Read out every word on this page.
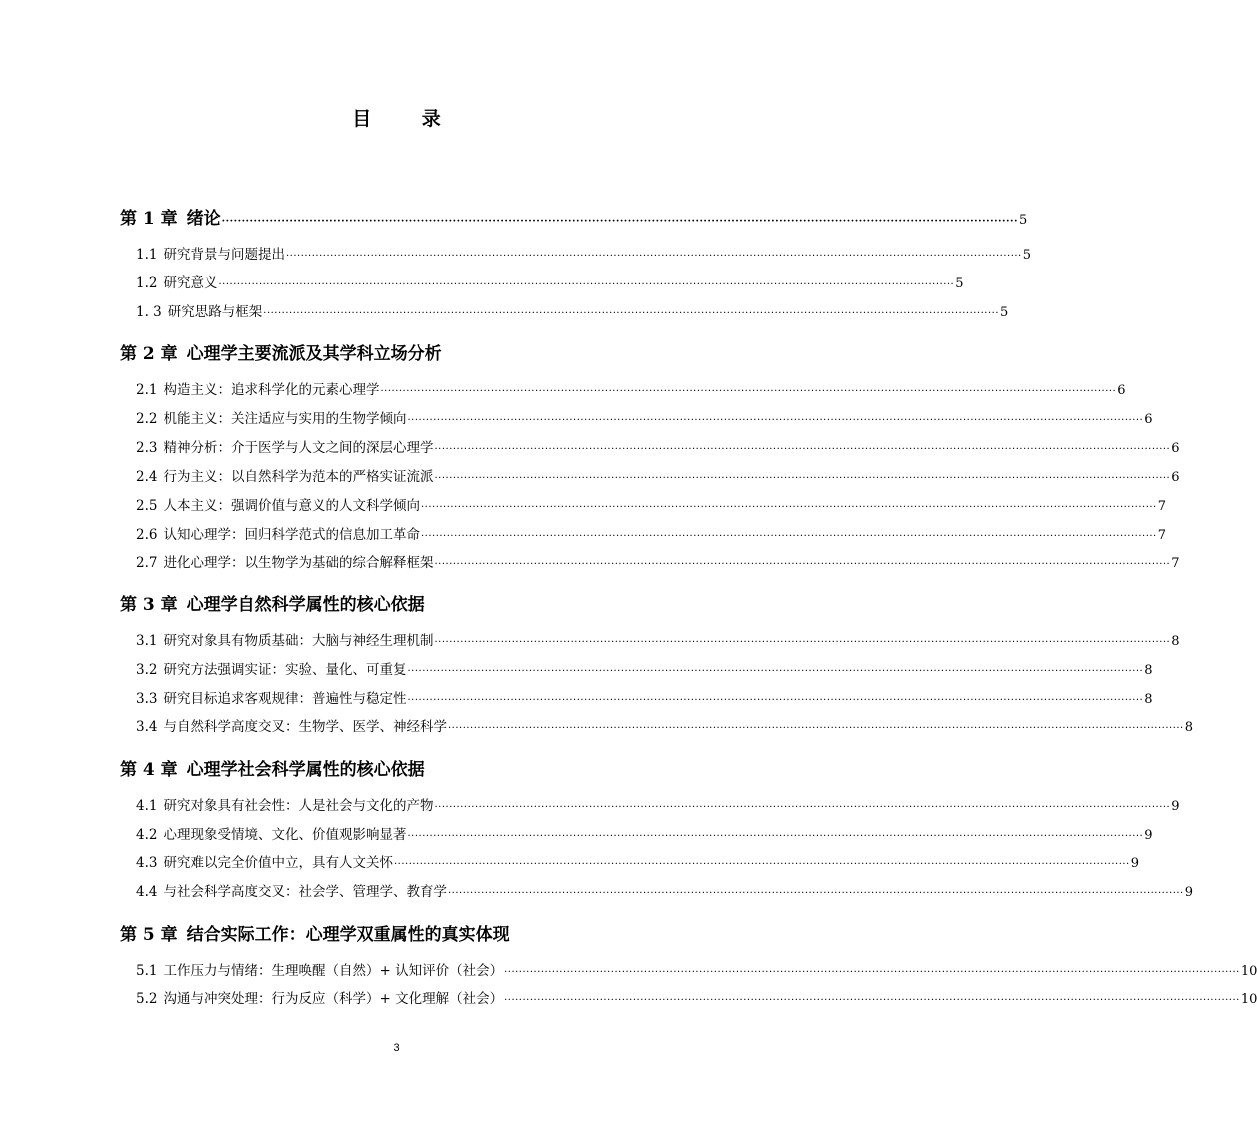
目 录
第 1 章 绪论 ········································································································································································································ 5
1.1 研究背景与问题提出 ········································································································································································································ 5
1.2 研究意义 ········································································································································································································ 5
1. 3 研究思路与框架 ········································································································································································································ 5
第 2 章 心理学主要流派及其学科立场分析
2.1 构造主义：追求科学化的元素心理学 ········································································································································································································ 6
2.2 机能主义：关注适应与实用的生物学倾向 ········································································································································································································ 6
2.3 精神分析：介于医学与人文之间的深层心理学 ········································································································································································································ 6
2.4 行为主义：以自然科学为范本的严格实证流派 ········································································································································································································ 6
2.5 人本主义：强调价值与意义的人文科学倾向 ········································································································································································································ 7
2.6 认知心理学：回归科学范式的信息加工革命 ········································································································································································································ 7
2.7 进化心理学：以生物学为基础的综合解释框架 ········································································································································································································ 7
第 3 章 心理学自然科学属性的核心依据
3.1 研究对象具有物质基础：大脑与神经生理机制 ········································································································································································································ 8
3.2 研究方法强调实证：实验、量化、可重复 ········································································································································································································ 8
3.3 研究目标追求客观规律：普遍性与稳定性 ········································································································································································································ 8
3.4 与自然科学高度交叉：生物学、医学、神经科学 ········································································································································································································ 8
第 4 章 心理学社会科学属性的核心依据
4.1 研究对象具有社会性：人是社会与文化的产物 ········································································································································································································ 9
4.2 心理现象受情境、文化、价值观影响显著 ········································································································································································································ 9
4.3 研究难以完全价值中立，具有人文关怀 ········································································································································································································ 9
4.4 与社会科学高度交叉：社会学、管理学、教育学 ········································································································································································································ 9
第 5 章 结合实际工作：心理学双重属性的真实体现
5.1 工作压力与情绪：生理唤醒（自然）+ 认知评价（社会） ········································································································································································································ 10
5.2 沟通与冲突处理：行为反应（科学）+ 文化理解（社会） ········································································································································································································ 10
3
